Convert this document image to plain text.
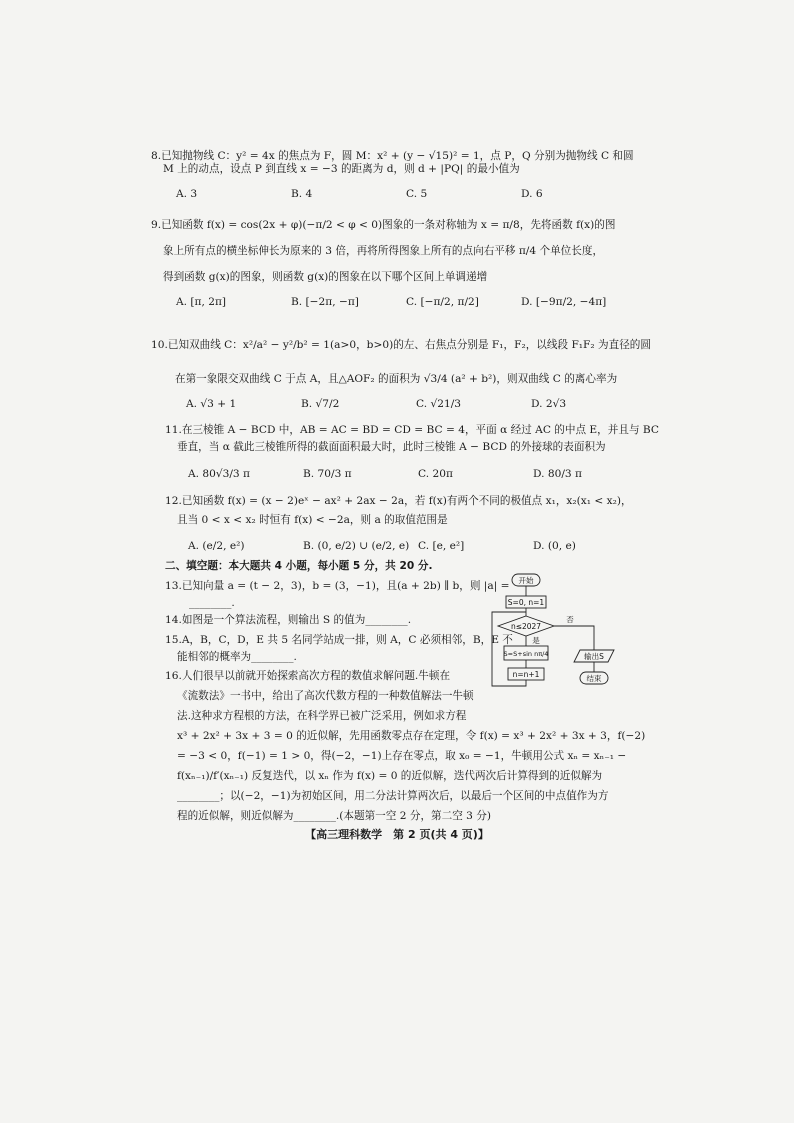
8.已知抛物线 C：y² = 4x 的焦点为 F，圆 M：x² + (y − √15)² = 1，点 P，Q 分别为抛物线 C 和圆
M 上的动点，设点 P 到直线 x = −3 的距离为 d，则 d + |PQ| 的最小值为
A. 3	B. 4	C. 5	D. 6
9.已知函数 f(x) = cos(2x + φ)(−π/2 < φ < 0)图象的一条对称轴为 x = π/8，先将函数 f(x)的图
象上所有点的横坐标伸长为原来的 3 倍，再将所得图象上所有的点向右平移 π/4 个单位长度，
得到函数 g(x)的图象，则函数 g(x)的图象在以下哪个区间上单调递增
A. [π, 2π]	B. [−2π, −π]	C. [−π/2, π/2]	D. [−9π/2, −4π]
10.已知双曲线 C：x²/a² − y²/b² = 1(a>0，b>0)的左、右焦点分别是 F₁，F₂，以线段 F₁F₂ 为直径的圆
在第一象限交双曲线 C 于点 A，且△AOF₂ 的面积为 √3/4 (a² + b²)，则双曲线 C 的离心率为
A. √3 + 1	B. √7/2	C. √21/3	D. 2√3
11.在三棱锥 A − BCD 中，AB = AC = BD = CD = BC = 4，平面 α 经过 AC 的中点 E，并且与 BC
垂直，当 α 截此三棱锥所得的截面面积最大时，此时三棱锥 A − BCD 的外接球的表面积为
A. 80√3/3 π	B. 70/3 π	C. 20π	D. 80/3 π
12.已知函数 f(x) = (x − 2)eˣ − ax² + 2ax − 2a，若 f(x)有两个不同的极值点 x₁，x₂(x₁ < x₂)，
且当 0 < x < x₂ 时恒有 f(x) < −2a，则 a 的取值范围是
A. (e/2, e²)	B. (0, e/2) ∪ (e/2, e) C. [e, e²]	D. (0, e)
二、填空题：本大题共 4 小题，每小题 5 分，共 20 分.
13.已知向量 a = (t − 2，3)，b = (3，−1)，且(a + 2b) ∥ b，则 |a| =
________.
14.如图是一个算法流程，则输出 S 的值为________.
15.A，B，C，D，E 共 5 名同学站成一排，则 A，C 必须相邻，B，E 不
能相邻的概率为________.
16.人们很早以前就开始探索高次方程的数值求解问题.牛顿在
《流数法》一书中，给出了高次代数方程的一种数值解法一牛顿
法.这种求方程根的方法，在科学界已被广泛采用，例如求方程
x³ + 2x² + 3x + 3 = 0 的近似解，先用函数零点存在定理，令 f(x) = x³ + 2x² + 3x + 3，f(−2)
= −3 < 0，f(−1) = 1 > 0，得(−2，−1)上存在零点，取 x₀ = −1，牛顿用公式 xₙ = xₙ₋₁ −
f(xₙ₋₁)/f′(xₙ₋₁) 反复迭代，以 xₙ 作为 f(x) = 0 的近似解，迭代两次后计算得到的近似解为
________；以(−2，−1)为初始区间，用二分法计算两次后，以最后一个区间的中点值作为方
程的近似解，则近似解为________.(本题第一空 2 分，第二空 3 分)
开始
S=0, n=1
n≤2027
是
否
S=S+sin nπ/4
n=n+1
输出S
结束
【高三理科数学　第 2 页(共 4 页)】
